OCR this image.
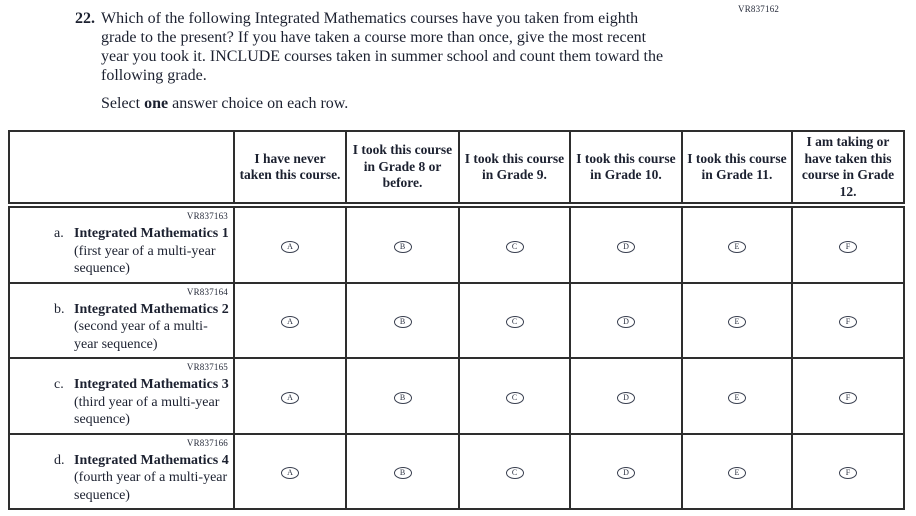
VR837162
22. Which of the following Integrated Mathematics courses have you taken from eighth
grade to the present? If you have taken a course more than once, give the most recent
year you took it. INCLUDE courses taken in summer school and count them toward the
following grade.
Select one answer choice on each row.
	I have never taken this course.	I took this course in Grade 8 or before.	I took this course in Grade 9.	I took this course in Grade 10.	I took this course in Grade 11.	I am taking or have taken this course in Grade 12.

VR837163
a. Integrated Mathematics 1 (first year of a multi-year sequence)	A	B	C	D	E	F

VR837164
b. Integrated Mathematics 2 (second year of a multi-year sequence)	A	B	C	D	E	F

VR837165
c. Integrated Mathematics 3 (third year of a multi-year sequence)	A	B	C	D	E	F

VR837166
d. Integrated Mathematics 4 (fourth year of a multi-year sequence)	A	B	C	D	E	F
